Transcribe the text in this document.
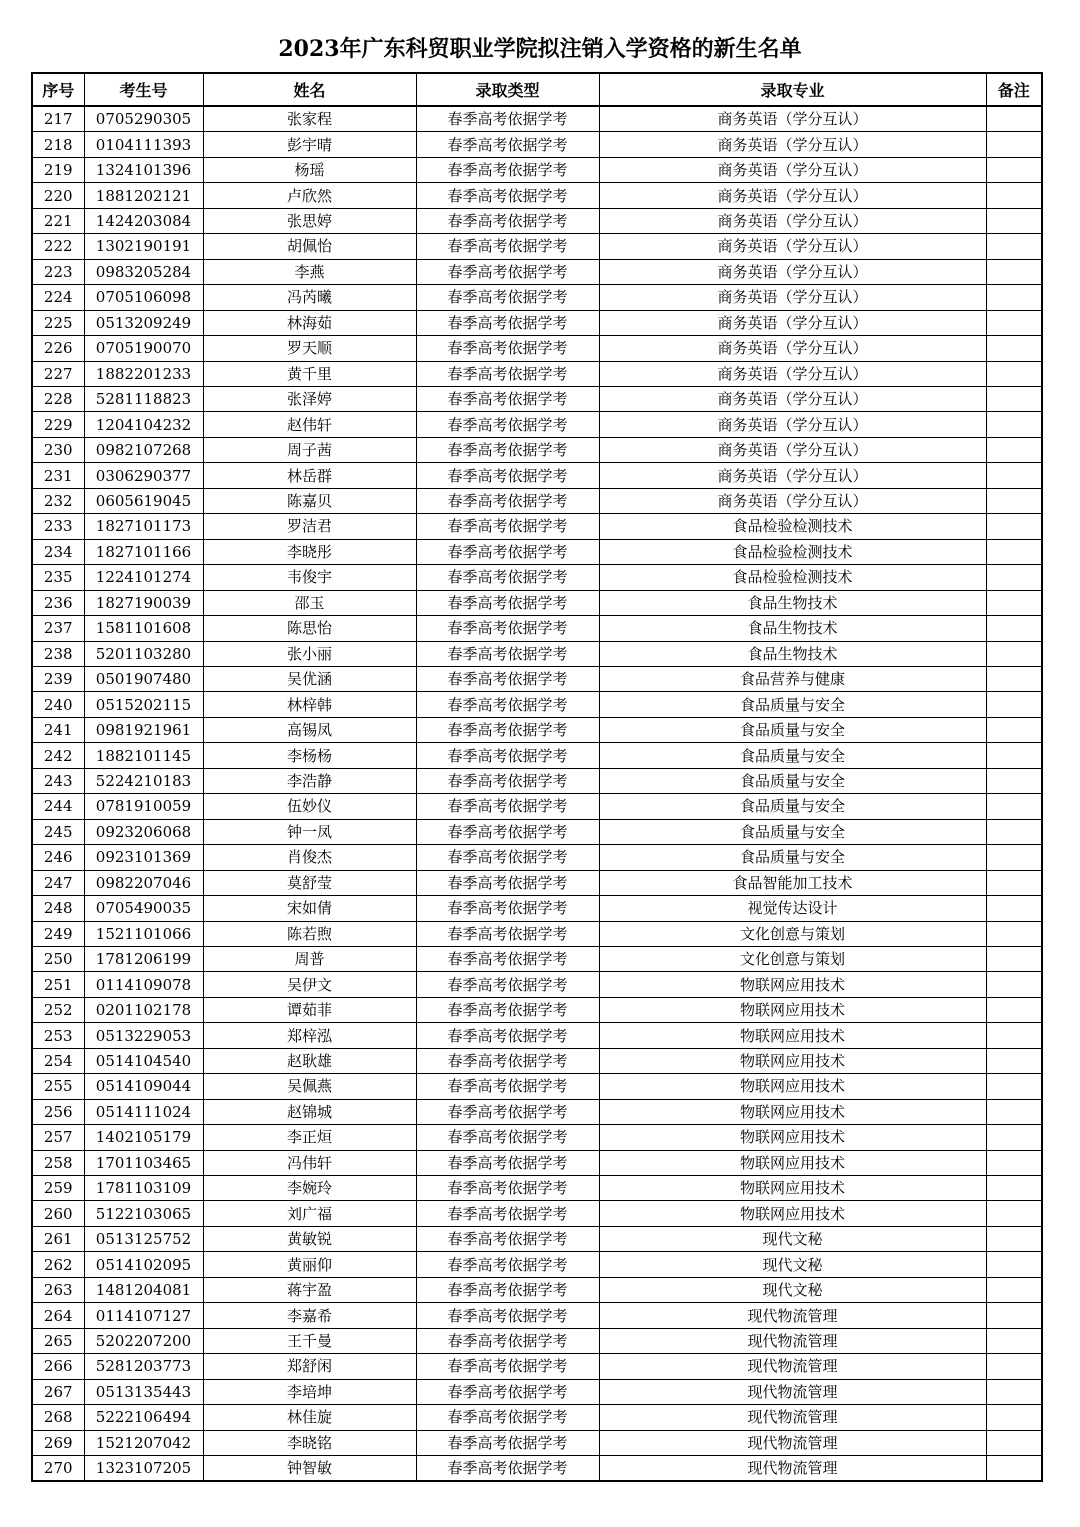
2023年广东科贸职业学院拟注销入学资格的新生名单
序号	考生号	姓名	录取类型	录取专业	备注
217	0705290305	张家程	春季高考依据学考	商务英语（学分互认）	
218	0104111393	彭宇晴	春季高考依据学考	商务英语（学分互认）	
219	1324101396	杨瑶	春季高考依据学考	商务英语（学分互认）	
220	1881202121	卢欣然	春季高考依据学考	商务英语（学分互认）	
221	1424203084	张思婷	春季高考依据学考	商务英语（学分互认）	
222	1302190191	胡佩怡	春季高考依据学考	商务英语（学分互认）	
223	0983205284	李燕	春季高考依据学考	商务英语（学分互认）	
224	0705106098	冯芮曦	春季高考依据学考	商务英语（学分互认）	
225	0513209249	林海茹	春季高考依据学考	商务英语（学分互认）	
226	0705190070	罗天顺	春季高考依据学考	商务英语（学分互认）	
227	1882201233	黄千里	春季高考依据学考	商务英语（学分互认）	
228	5281118823	张泽婷	春季高考依据学考	商务英语（学分互认）	
229	1204104232	赵伟轩	春季高考依据学考	商务英语（学分互认）	
230	0982107268	周子茜	春季高考依据学考	商务英语（学分互认）	
231	0306290377	林岳群	春季高考依据学考	商务英语（学分互认）	
232	0605619045	陈嘉贝	春季高考依据学考	商务英语（学分互认）	
233	1827101173	罗洁君	春季高考依据学考	食品检验检测技术	
234	1827101166	李晓彤	春季高考依据学考	食品检验检测技术	
235	1224101274	韦俊宇	春季高考依据学考	食品检验检测技术	
236	1827190039	邵玉	春季高考依据学考	食品生物技术	
237	1581101608	陈思怡	春季高考依据学考	食品生物技术	
238	5201103280	张小丽	春季高考依据学考	食品生物技术	
239	0501907480	吴优涵	春季高考依据学考	食品营养与健康	
240	0515202115	林梓韩	春季高考依据学考	食品质量与安全	
241	0981921961	高锡凤	春季高考依据学考	食品质量与安全	
242	1882101145	李杨杨	春季高考依据学考	食品质量与安全	
243	5224210183	李浩静	春季高考依据学考	食品质量与安全	
244	0781910059	伍妙仪	春季高考依据学考	食品质量与安全	
245	0923206068	钟一凤	春季高考依据学考	食品质量与安全	
246	0923101369	肖俊杰	春季高考依据学考	食品质量与安全	
247	0982207046	莫舒莹	春季高考依据学考	食品智能加工技术	
248	0705490035	宋如倩	春季高考依据学考	视觉传达设计	
249	1521101066	陈若煦	春季高考依据学考	文化创意与策划	
250	1781206199	周普	春季高考依据学考	文化创意与策划	
251	0114109078	吴伊文	春季高考依据学考	物联网应用技术	
252	0201102178	谭茹菲	春季高考依据学考	物联网应用技术	
253	0513229053	郑梓泓	春季高考依据学考	物联网应用技术	
254	0514104540	赵耿雄	春季高考依据学考	物联网应用技术	
255	0514109044	吴佩燕	春季高考依据学考	物联网应用技术	
256	0514111024	赵锦城	春季高考依据学考	物联网应用技术	
257	1402105179	李正烜	春季高考依据学考	物联网应用技术	
258	1701103465	冯伟轩	春季高考依据学考	物联网应用技术	
259	1781103109	李婉玲	春季高考依据学考	物联网应用技术	
260	5122103065	刘广福	春季高考依据学考	物联网应用技术	
261	0513125752	黄敏锐	春季高考依据学考	现代文秘	
262	0514102095	黄丽仰	春季高考依据学考	现代文秘	
263	1481204081	蒋宇盈	春季高考依据学考	现代文秘	
264	0114107127	李嘉希	春季高考依据学考	现代物流管理	
265	5202207200	王千曼	春季高考依据学考	现代物流管理	
266	5281203773	郑舒闲	春季高考依据学考	现代物流管理	
267	0513135443	李培坤	春季高考依据学考	现代物流管理	
268	5222106494	林佳旋	春季高考依据学考	现代物流管理	
269	1521207042	李晓铭	春季高考依据学考	现代物流管理	
270	1323107205	钟智敏	春季高考依据学考	现代物流管理	
